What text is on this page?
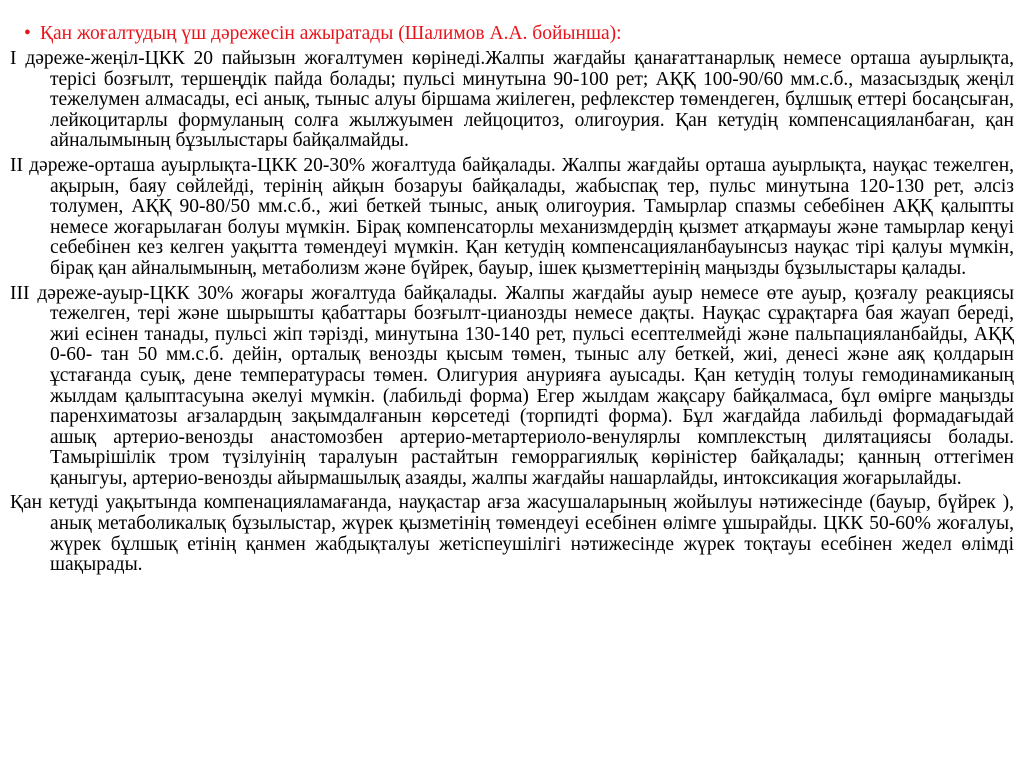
• Қан жоғалтудың үш дәрежесін ажыратады (Шалимов А.А. бойынша):

І дәреже-жеңіл-ЦКК 20 пайызын жоғалтумен көрінеді.Жалпы жағдайы қанағаттанарлық немесе орташа ауырлықта, терісі бозғылт, тершеңдік пайда болады; пульсі минутына 90-100 рет; АҚҚ 100-90/60 мм.с.б., мазасыздық жеңіл тежелумен алмасады, есі анық, тыныс алуы біршама жиілеген, рефлекстер төмендеген, бұлшық еттері босаңсыған, лейкоцитарлы формуланың солға жылжуымен лейцоцитоз, олигоурия. Қан кетудің компенсацияланбаған, қан айналымының бұзылыстары байқалмайды.

ІІ дәреже-орташа ауырлықта-ЦКК 20-30% жоғалтуда байқалады. Жалпы жағдайы орташа ауырлықта, науқас тежелген, ақырын, баяу сөйлейді, терінің айқын бозаруы байқалады, жабыспақ тер, пульс минутына 120-130 рет, әлсіз толумен, АҚҚ 90-80/50 мм.с.б., жиі беткей тыныс, анық олигоурия. Тамырлар спазмы себебінен АҚҚ қалыпты немесе жоғарылаған болуы мүмкін. Бірақ компенсаторлы механизмдердің қызмет атқармауы және тамырлар кеңуі себебінен кез келген уақытта төмендеуі мүмкін. Қан кетудің компенсацияланбауынсыз науқас тірі қалуы мүмкін, бірақ қан айналымының, метаболизм және бүйрек, бауыр, ішек қызметтерінің маңызды бұзылыстары қалады.

ІІІ дәреже-ауыр-ЦКК 30% жоғары жоғалтуда байқалады. Жалпы жағдайы ауыр немесе өте ауыр, қозғалу реакциясы тежелген, тері және шырышты қабаттары бозғылт-цианозды немесе дақты. Науқас сұрақтарға бая жауап береді, жиі есінен танады, пульсі жіп тәрізді, минутына 130-140 рет, пульсі есептелмейді және пальпацияланбайды, АҚҚ 0-60- тан 50 мм.с.б. дейін, орталық венозды қысым төмен, тыныс алу беткей, жиі, денесі және аяқ қолдарын ұстағанда суық, дене температурасы төмен. Олигурия анурияға ауысады. Қан кетудің толуы гемодинамиканың жылдам қалыптасуына әкелуі мүмкін. (лабильді форма) Егер жылдам жақсару байқалмаса, бұл өмірге маңызды паренхиматозы ағзалардың зақымдалғанын көрсетеді (торпидті форма). Бұл жағдайда лабильді формадағыдай ашық артерио-венозды анастомозбен артерио-метартериоло-венулярлы комплекстың дилятациясы болады. Тамырішілік тром түзілуінің таралуын растайтын геморрагиялық көріністер байқалады; қанның оттегімен қаныгуы, артерио-венозды айырмашылық азаяды, жалпы жағдайы нашарлайды, интоксикация жоғарылайды.

Қан кетуді уақытында компенацияламағанда, науқастар ағза жасушаларының жойылуы нәтижесінде (бауыр, бүйрек ), анық метаболикалық бұзылыстар, жүрек қызметінің төмендеуі есебінен өлімге ұшырайды. ЦКК 50-60% жоғалуы, жүрек бұлшық етінің қанмен жабдықталуы жетіспеушілігі нәтижесінде жүрек тоқтауы есебінен жедел өлімді шақырады.
